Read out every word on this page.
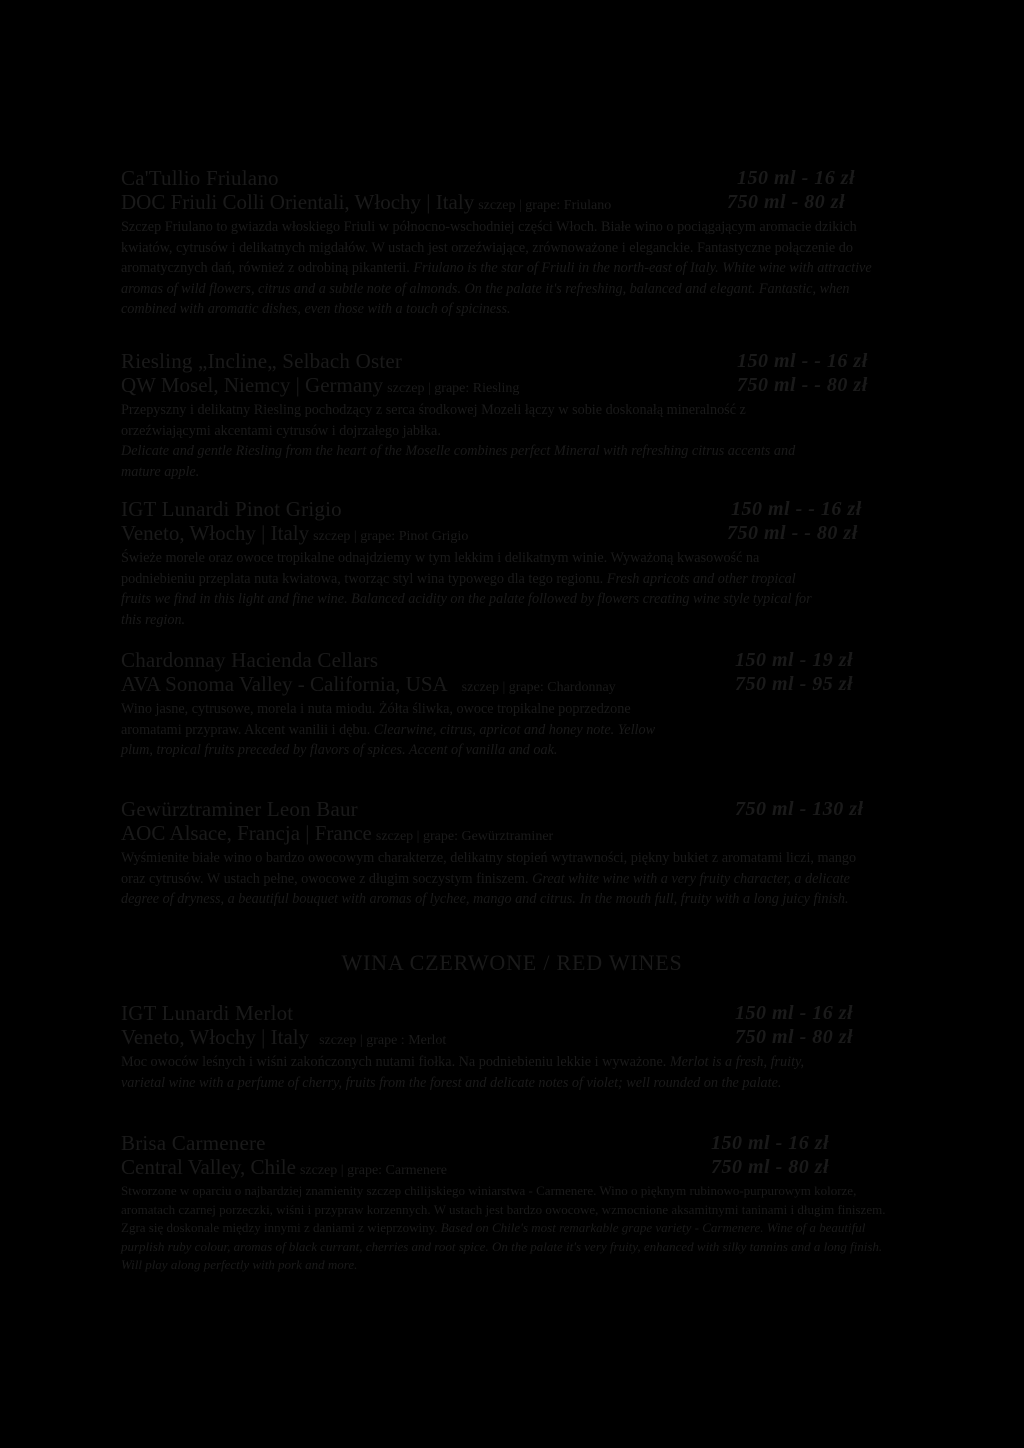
Ca'Tullio Friulano	150 ml - 16 zł
DOC Friuli Colli Orientali, Włochy | Italy szczep | grape: Friulano	750 ml - 80 zł
Szczep Friulano to gwiazda włoskiego Friuli w północno-wschodniej części Włoch. Białe wino o pociągającym aromacie dzikich kwiatów, cytrusów i delikatnych migdałów. W ustach jest orzeźwiające, zrównoważone i eleganckie. Fantastyczne połączenie do aromatycznych dań, również z odrobiną pikanterii. Friulano is the star of Friuli in the north-east of Italy. White wine with attractive aromas of wild flowers, citrus and a subtle note of almonds. On the palate it's refreshing, balanced and elegant. Fantastic, when combined with aromatic dishes, even those with a touch of spiciness.
Riesling „Incline„ Selbach Oster	150 ml - - 16 zł
QW Mosel, Niemcy | Germany szczep | grape: Riesling	750 ml - - 80 zł
Przepyszny i delikatny Riesling pochodzący z serca środkowej Mozeli łączy w sobie doskonałą mineralność z orzeźwiającymi akcentami cytrusów i dojrzałego jabłka.
Delicate and gentle Riesling from the heart of the Moselle combines perfect Mineral with refreshing citrus accents and mature apple.
IGT Lunardi Pinot Grigio	150 ml - - 16 zł
Veneto, Włochy | Italy szczep | grape: Pinot Grigio	750 ml - - 80 zł
Świeże morele oraz owoce tropikalne odnajdziemy w tym lekkim i delikatnym winie. Wyważoną kwasowość na podniebieniu przeplata nuta kwiatowa, tworząc styl wina typowego dla tego regionu. Fresh apricots and other tropical fruits we find in this light and fine wine. Balanced acidity on the palate followed by flowers creating wine style typical for this region.
Chardonnay Hacienda Cellars	150 ml - 19 zł
AVA Sonoma Valley - California, USA szczep | grape: Chardonnay	750 ml - 95 zł
Wino jasne, cytrusowe, morela i nuta miodu. Żółta śliwka, owoce tropikalne poprzedzone aromatami przypraw. Akcent wanilii i dębu. Clearwine, citrus, apricot and honey note. Yellow plum, tropical fruits preceded by flavors of spices. Accent of vanilla and oak.
Gewürztraminer Leon Baur	750 ml - 130 zł
AOC Alsace, Francja | France szczep | grape: Gewürztraminer
Wyśmienite białe wino o bardzo owocowym charakterze, delikatny stopień wytrawności, piękny bukiet z aromatami liczi, mango oraz cytrusów. W ustach pełne, owocowe z długim soczystym finiszem. Great white wine with a very fruity character, a delicate degree of dryness, a beautiful bouquet with aromas of lychee, mango and citrus. In the mouth full, fruity with a long juicy finish.
WINA CZERWONE / RED WINES
IGT Lunardi Merlot	150 ml - 16 zł
Veneto, Włochy | Italy szczep | grape : Merlot	750 ml - 80 zł
Moc owoców leśnych i wiśni zakończonych nutami fiołka. Na podniebieniu lekkie i wyważone. Merlot is a fresh, fruity, varietal wine with a perfume of cherry, fruits from the forest and delicate notes of violet; well rounded on the palate.
Brisa Carmenere	150 ml - 16 zł
Central Valley, Chile szczep | grape: Carmenere	750 ml - 80 zł
Stworzone w oparciu o najbardziej znamienity szczep chilijskiego winiarstwa - Carmenere. Wino o pięknym rubinowo-purpurowym kolorze, aromatach czarnej porzeczki, wiśni i przypraw korzennych. W ustach jest bardzo owocowe, wzmocnione aksamitnymi taninami i długim finiszem. Zgra się doskonale między innymi z daniami z wieprzowiny. Based on Chile's most remarkable grape variety - Carmenere. Wine of a beautiful purplish ruby colour, aromas of black currant, cherries and root spice. On the palate it's very fruity, enhanced with silky tannins and a long finish. Will play along perfectly with pork and more.
